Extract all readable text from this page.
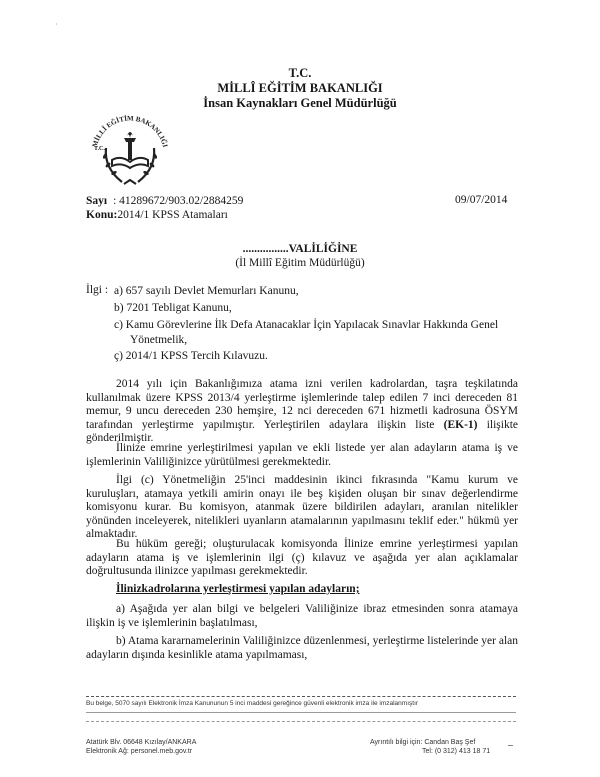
·
T.C.
MİLLÎ EĞİTİM BAKANLIĞI
İnsan Kaynakları Genel Müdürlüğü
MİLLÎ EĞİTİM BAKANLIĞI
T.C.
Sayı : 41289672/903.02/2884259
Konu:2014/1 KPSS Atamaları
09/07/2014
................VALİLİĞİNE
(İl Millî Eğitim Müdürlüğü)
İlgi : a) 657 sayılı Devlet Memurları Kanunu,
b) 7201 Tebligat Kanunu,
c) Kamu Görevlerine İlk Defa Atanacaklar İçin Yapılacak Sınavlar Hakkında Genel
Yönetmelik,
ç) 2014/1 KPSS Tercih Kılavuzu.
2014 yılı için Bakanlığımıza atama izni verilen kadrolardan, taşra teşkilatında kullanılmak üzere KPSS 2013/4 yerleştirme işlemlerinde talep edilen 7 inci dereceden 81 memur, 9 uncu dereceden 230 hemşire, 12 nci dereceden 671 hizmetli kadrosuna ÖSYM tarafından yerleştirme yapılmıştır. Yerleştirilen adaylara ilişkin liste (EK-1) ilişikte gönderilmiştir.
İlinize emrine yerleştirilmesi yapılan ve ekli listede yer alan adayların atama iş ve işlemlerinin Valiliğinizce yürütülmesi gerekmektedir.
İlgi (c) Yönetmeliğin 25'inci maddesinin ikinci fıkrasında "Kamu kurum ve kuruluşları, atamaya yetkili amirin onayı ile beş kişiden oluşan bir sınav değerlendirme komisyonu kurar. Bu komisyon, atanmak üzere bildirilen adayları, aranılan nitelikler yönünden inceleyerek, nitelikleri uyanların atamalarının yapılmasını teklif eder." hükmü yer almaktadır.
Bu hüküm gereği; oluşturulacak komisyonda İlinize emrine yerleştirmesi yapılan adayların atama iş ve işlemlerinin ilgi (ç) kılavuz ve aşağıda yer alan açıklamalar doğrultusunda ilinizce yapılması gerekmektedir.
İlinizkadrolarına yerleştirmesi yapılan adayların;
a) Aşağıda yer alan bilgi ve belgeleri Valiliğinize ibraz etmesinden sonra atamaya ilişkin iş ve işlemlerinin başlatılması,
b) Atama kararnamelerinin Valiliğinizce düzenlenmesi, yerleştirme listelerinde yer alan adayların dışında kesinlikle atama yapılmaması,
Bu belge, 5070 sayılı Elektronik İmza Kanununun 5 inci maddesi gereğince güvenli elektronik imza ile imzalanmıştır
–
Atatürk Blv. 06648 Kızılay/ANKARA
Elektronik Ağ: personel.meb.gov.tr
Ayrıntılı bilgi için: Candan Baş Şef
Tel: (0 312) 413 18 71
